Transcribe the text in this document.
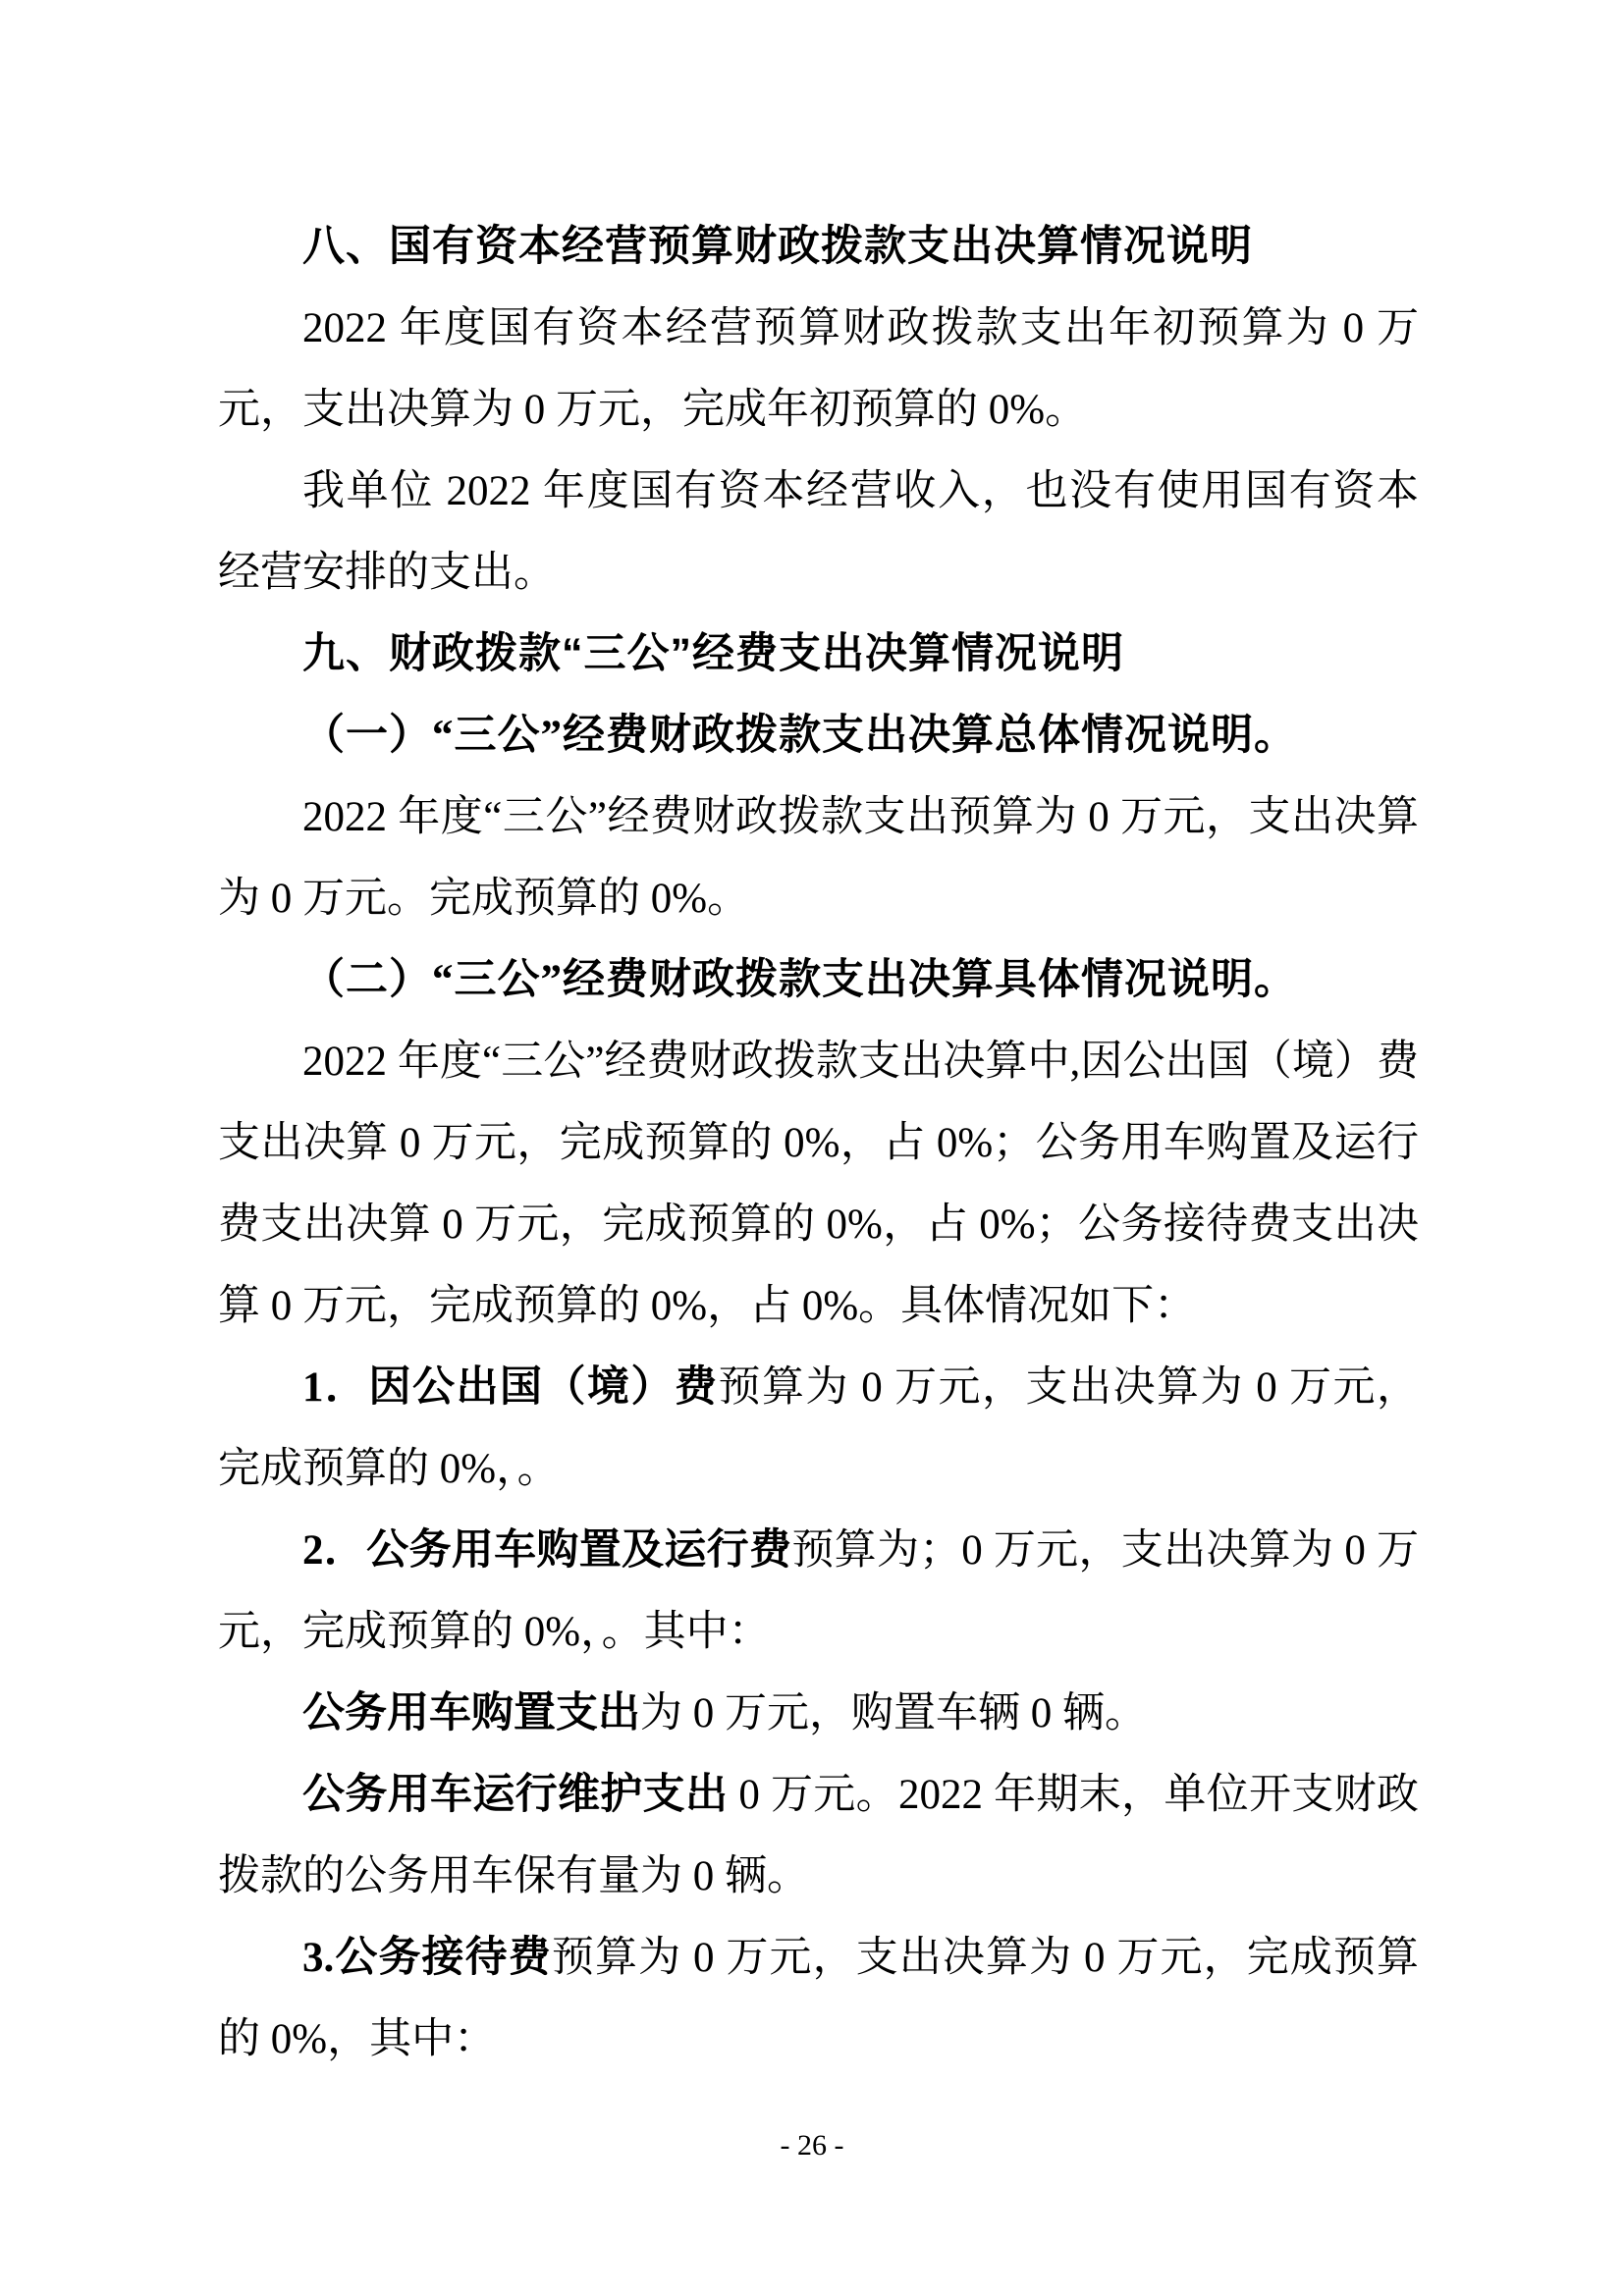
八、国有资本经营预算财政拨款支出决算情况说明

2022 年度国有资本经营预算财政拨款支出年初预算为 0 万元，支出决算为 0 万元，完成年初预算的 0%。

我单位 2022 年度国有资本经营收入，也没有使用国有资本经营安排的支出。

九、财政拨款“三公”经费支出决算情况说明

（一）“三公”经费财政拨款支出决算总体情况说明。

2022 年度“三公”经费财政拨款支出预算为 0 万元，支出决算为 0 万元。完成预算的 0%。

（二）“三公”经费财政拨款支出决算具体情况说明。

2022 年度“三公”经费财政拨款支出决算中,因公出国（境）费支出决算 0 万元，完成预算的 0%，占 0%；公务用车购置及运行费支出决算 0 万元，完成预算的 0%，占 0%；公务接待费支出决算 0 万元，完成预算的 0%，占 0%。具体情况如下：

1．因公出国（境）费预算为 0 万元，支出决算为 0 万元，完成预算的 0%，。

2．公务用车购置及运行费预算为；0 万元，支出决算为 0 万元，完成预算的 0%，。其中：

公务用车购置支出为 0 万元，购置车辆 0 辆。

公务用车运行维护支出 0 万元。2022 年期末，单位开支财政拨款的公务用车保有量为 0 辆。

3.公务接待费预算为 0 万元，支出决算为 0 万元，完成预算的 0%，其中：

- 26 -
